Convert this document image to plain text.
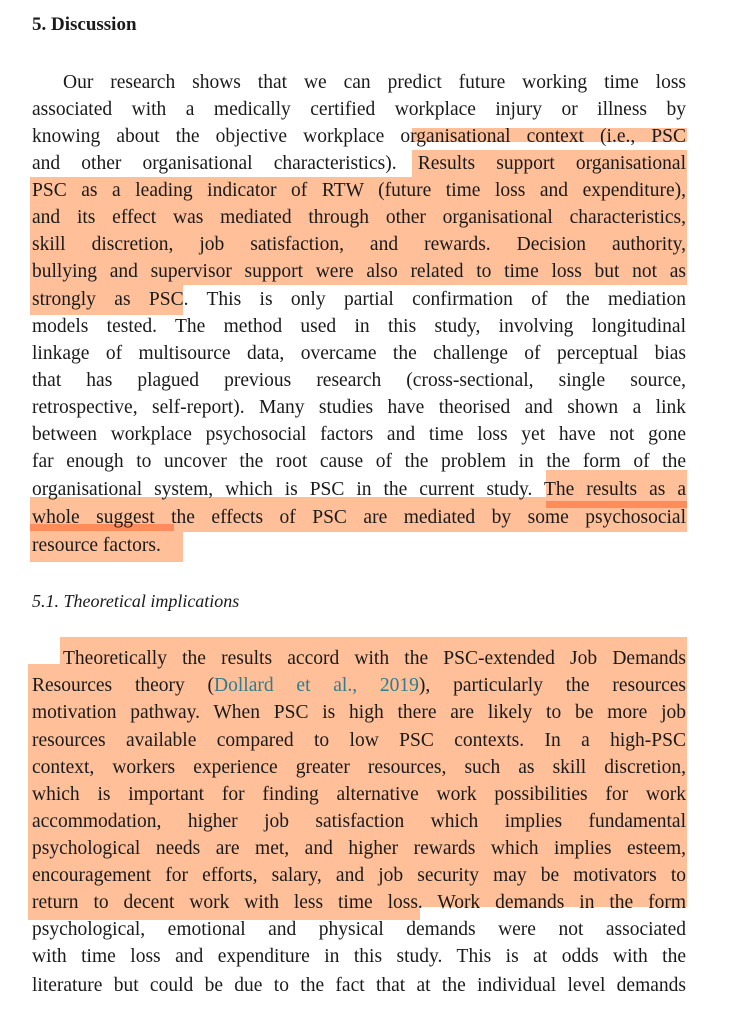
5. Discussion
Our research shows that we can predict future working time loss
associated with a medically certified workplace injury or illness by
knowing about the objective workplace organisational context (i.e., PSC
and other organisational characteristics). Results support organisational
PSC as a leading indicator of RTW (future time loss and expenditure),
and its effect was mediated through other organisational characteristics,
skill discretion, job satisfaction, and rewards. Decision authority,
bullying and supervisor support were also related to time loss but not as
strongly as PSC. This is only partial confirmation of the mediation
models tested. The method used in this study, involving longitudinal
linkage of multisource data, overcame the challenge of perceptual bias
that has plagued previous research (cross-sectional, single source,
retrospective, self-report). Many studies have theorised and shown a link
between workplace psychosocial factors and time loss yet have not gone
far enough to uncover the root cause of the problem in the form of the
organisational system, which is PSC in the current study. The results as a
whole suggest the effects of PSC are mediated by some psychosocial
resource factors.
5.1. Theoretical implications
Theoretically the results accord with the PSC-extended Job Demands
Resources theory (Dollard et al., 2019), particularly the resources
motivation pathway. When PSC is high there are likely to be more job
resources available compared to low PSC contexts. In a high-PSC
context, workers experience greater resources, such as skill discretion,
which is important for finding alternative work possibilities for work
accommodation, higher job satisfaction which implies fundamental
psychological needs are met, and higher rewards which implies esteem,
encouragement for efforts, salary, and job security may be motivators to
return to decent work with less time loss. Work demands in the form
psychological, emotional and physical demands were not associated
with time loss and expenditure in this study. This is at odds with the
literature but could be due to the fact that at the individual level demands
